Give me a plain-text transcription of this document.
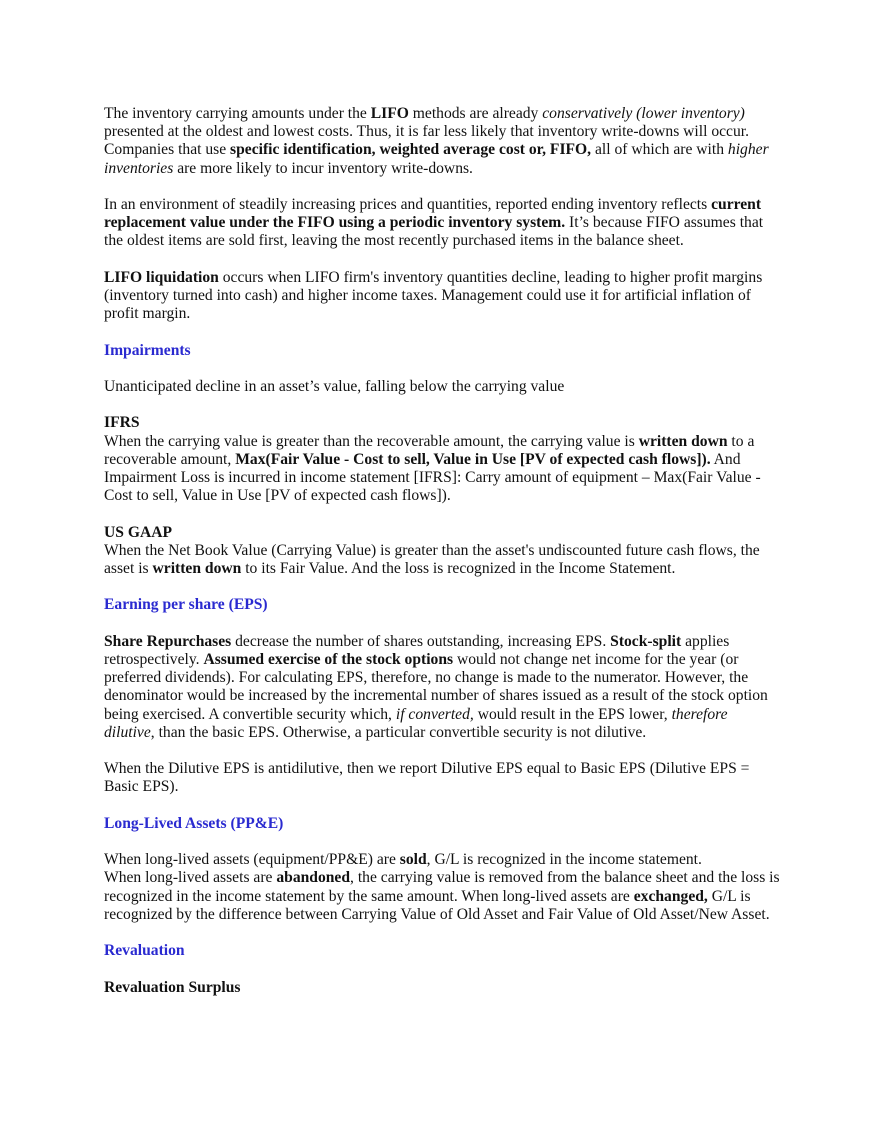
The inventory carrying amounts under the LIFO methods are already conservatively (lower inventory) presented at the oldest and lowest costs. Thus, it is far less likely that inventory write-downs will occur. Companies that use specific identification, weighted average cost or, FIFO, all of which are with higher inventories are more likely to incur inventory write-downs.

In an environment of steadily increasing prices and quantities, reported ending inventory reflects current replacement value under the FIFO using a periodic inventory system. It’s because FIFO assumes that the oldest items are sold first, leaving the most recently purchased items in the balance sheet.

LIFO liquidation occurs when LIFO firm's inventory quantities decline, leading to higher profit margins (inventory turned into cash) and higher income taxes. Management could use it for artificial inflation of profit margin.

Impairments

Unanticipated decline in an asset’s value, falling below the carrying value

IFRS

When the carrying value is greater than the recoverable amount, the carrying value is written down to a recoverable amount, Max(Fair Value - Cost to sell, Value in Use [PV of expected cash flows]). And Impairment Loss is incurred in income statement [IFRS]: Carry amount of equipment – Max(Fair Value - Cost to sell, Value in Use [PV of expected cash flows]).

US GAAP

When the Net Book Value (Carrying Value) is greater than the asset's undiscounted future cash flows, the asset is written down to its Fair Value. And the loss is recognized in the Income Statement.

Earning per share (EPS)

Share Repurchases decrease the number of shares outstanding, increasing EPS. Stock-split applies retrospectively. Assumed exercise of the stock options would not change net income for the year (or preferred dividends). For calculating EPS, therefore, no change is made to the numerator. However, the denominator would be increased by the incremental number of shares issued as a result of the stock option being exercised. A convertible security which, if converted, would result in the EPS lower, therefore dilutive, than the basic EPS. Otherwise, a particular convertible security is not dilutive.

When the Dilutive EPS is antidilutive, then we report Dilutive EPS equal to Basic EPS (Dilutive EPS = Basic EPS).

Long-Lived Assets (PP&E)

When long-lived assets (equipment/PP&E) are sold, G/L is recognized in the income statement.

When long-lived assets are abandoned, the carrying value is removed from the balance sheet and the loss is recognized in the income statement by the same amount. When long-lived assets are exchanged, G/L is recognized by the difference between Carrying Value of Old Asset and Fair Value of Old Asset/New Asset.

Revaluation

Revaluation Surplus
